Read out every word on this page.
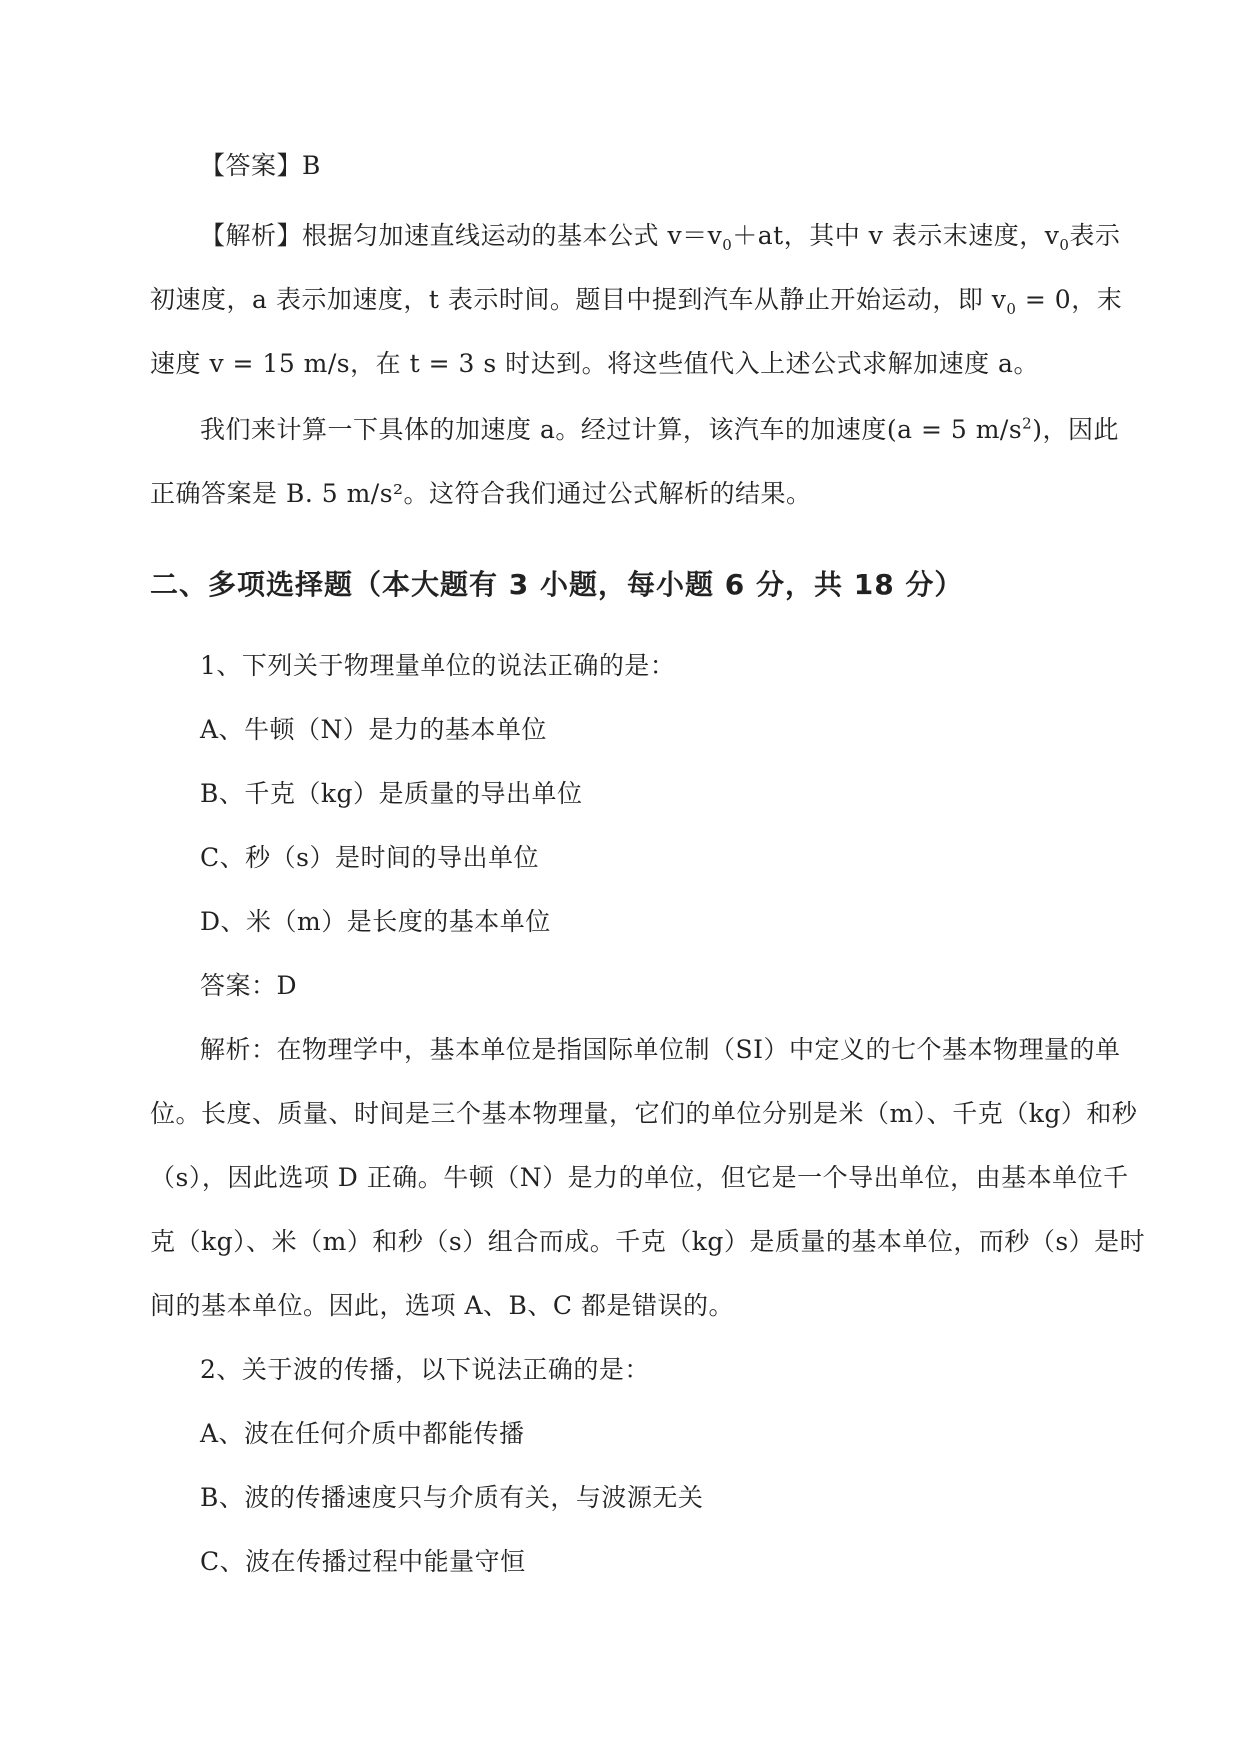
【答案】B
【解析】根据匀加速直线运动的基本公式 $v=v_0+at$，其中 v 表示末速度，$v_0$表示
初速度，a 表示加速度，t 表示时间。题目中提到汽车从静止开始运动，即 $v_0 = 0$，末
速度 v = 15 m/s，在 t = 3 s 时达到。将这些值代入上述公式求解加速度 a。
我们来计算一下具体的加速度 a。经过计算，该汽车的加速度(a = 5 $m/s^2$)，因此
正确答案是 B. 5 m/s²。这符合我们通过公式解析的结果。
二、多项选择题（本大题有 3 小题，每小题 6 分，共 18 分）
1、下列关于物理量单位的说法正确的是：
A、牛顿（N）是力的基本单位
B、千克（kg）是质量的导出单位
C、秒（s）是时间的导出单位
D、米（m）是长度的基本单位
答案：D
解析：在物理学中，基本单位是指国际单位制（SI）中定义的七个基本物理量的单
位。长度、质量、时间是三个基本物理量，它们的单位分别是米（m）、千克（kg）和秒
（s），因此选项 D 正确。牛顿（N）是力的单位，但它是一个导出单位，由基本单位千
克（kg）、米（m）和秒（s）组合而成。千克（kg）是质量的基本单位，而秒（s）是时
间的基本单位。因此，选项 A、B、C 都是错误的。
2、关于波的传播，以下说法正确的是：
A、波在任何介质中都能传播
B、波的传播速度只与介质有关，与波源无关
C、波在传播过程中能量守恒
